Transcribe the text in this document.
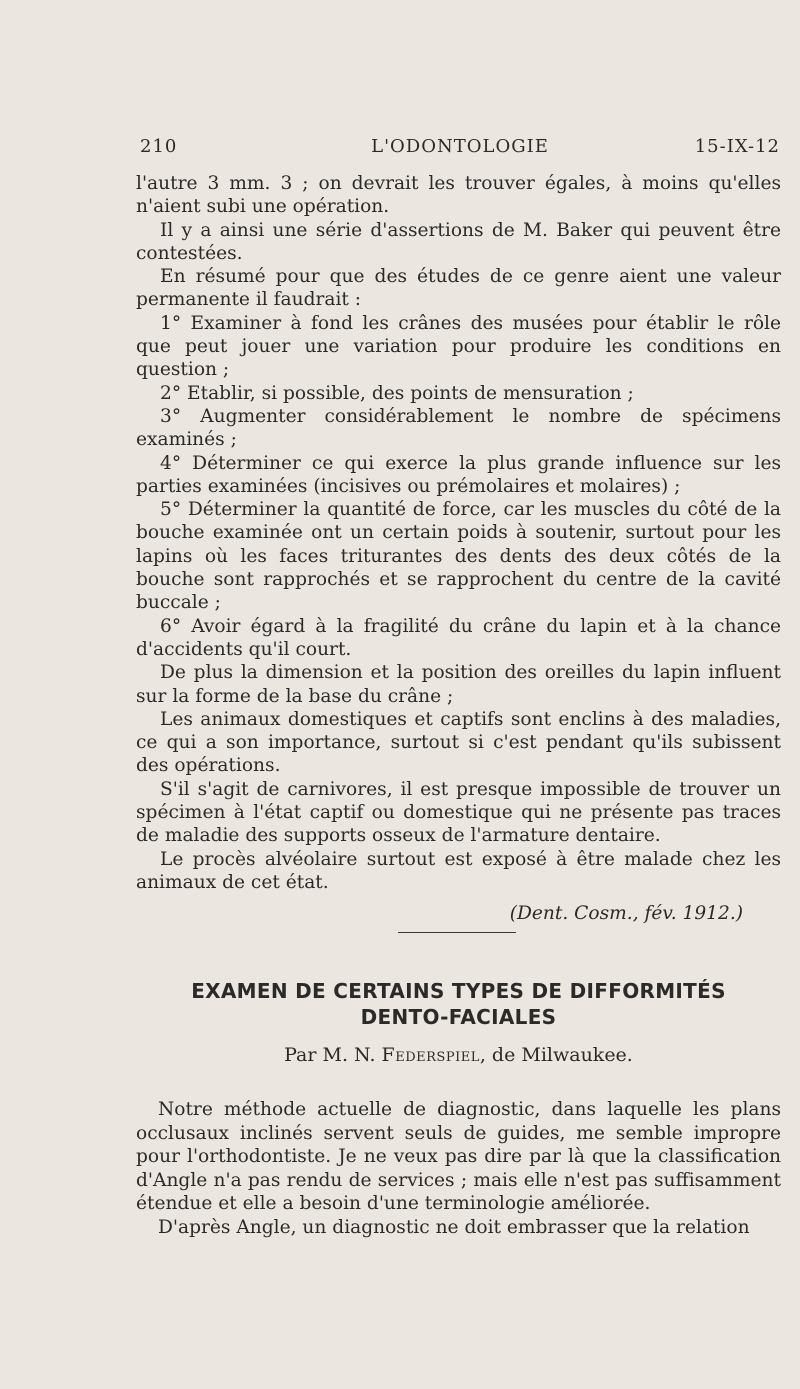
210	L'ODONTOLOGIE	15-IX-12

l'autre 3 mm. 3 ; on devrait les trouver égales, à moins qu'elles n'aient subi une opération.

Il y a ainsi une série d'assertions de M. Baker qui peuvent être contestées.

En résumé pour que des études de ce genre aient une valeur permanente il faudrait :

1° Examiner à fond les crânes des musées pour établir le rôle que peut jouer une variation pour produire les conditions en question ;

2° Etablir, si possible, des points de mensuration ;

3° Augmenter considérablement le nombre de spécimens examinés ;

4° Déterminer ce qui exerce la plus grande influence sur les parties examinées (incisives ou prémolaires et molaires) ;

5° Déterminer la quantité de force, car les muscles du côté de la bouche examinée ont un certain poids à soutenir, surtout pour les lapins où les faces triturantes des dents des deux côtés de la bouche sont rapprochés et se rapprochent du centre de la cavité buccale ;

6° Avoir égard à la fragilité du crâne du lapin et à la chance d'accidents qu'il court.

De plus la dimension et la position des oreilles du lapin influent sur la forme de la base du crâne ;

Les animaux domestiques et captifs sont enclins à des maladies, ce qui a son importance, surtout si c'est pendant qu'ils subissent des opérations.

S'il s'agit de carnivores, il est presque impossible de trouver un spécimen à l'état captif ou domestique qui ne présente pas traces de maladie des supports osseux de l'armature dentaire.

Le procès alvéolaire surtout est exposé à être malade chez les animaux de cet état.

(Dent. Cosm., fév. 1912.)

EXAMEN DE CERTAINS TYPES DE DIFFORMITÉS
DENTO-FACIALES
Par M. N. Federspiel, de Milwaukee.

Notre méthode actuelle de diagnostic, dans laquelle les plans occlusaux inclinés servent seuls de guides, me semble impropre pour l'orthodontiste. Je ne veux pas dire par là que la classification d'Angle n'a pas rendu de services ; mais elle n'est pas suffisamment étendue et elle a besoin d'une terminologie améliorée.

D'après Angle, un diagnostic ne doit embrasser que la relation
